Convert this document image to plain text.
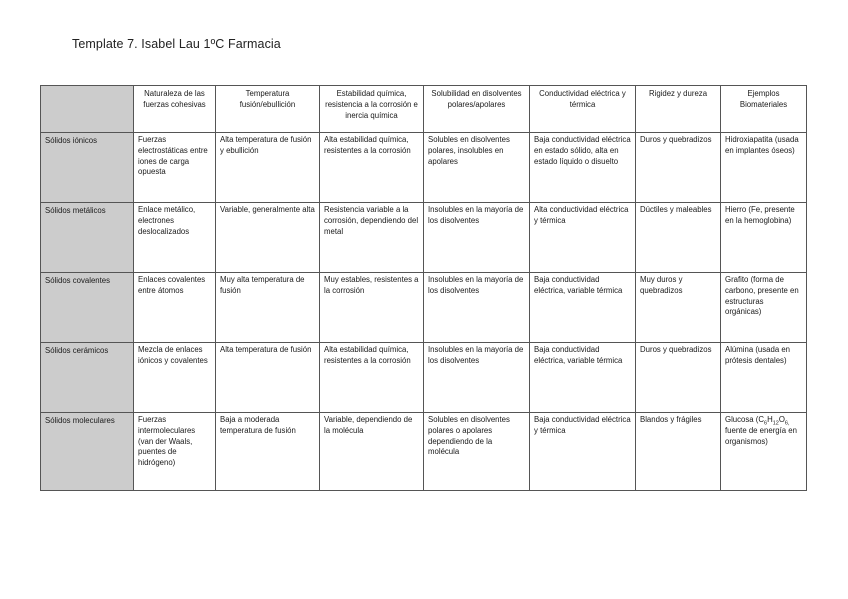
Template 7. Isabel Lau 1ºC Farmacia
	Naturaleza de las fuerzas cohesivas	Temperatura fusión/ebullición	Estabilidad química, resistencia a la corrosión e inercia química	Solubilidad en disolventes polares/apolares	Conductividad eléctrica y térmica	Rigidez y dureza	Ejemplos Biomateriales
Sólidos iónicos	Fuerzas electrostáticas entre iones de carga opuesta	Alta temperatura de fusión y ebullición	Alta estabilidad química, resistentes a la corrosión	Solubles en disolventes polares, insolubles en apolares	Baja conductividad eléctrica en estado sólido, alta en estado líquido o disuelto	Duros y quebradizos	Hidroxiapatita (usada en implantes óseos)
Sólidos metálicos	Enlace metálico, electrones deslocalizados	Variable, generalmente alta	Resistencia variable a la corrosión, dependiendo del metal	Insolubles en la mayoría de los disolventes	Alta conductividad eléctrica y térmica	Dúctiles y maleables	Hierro (Fe, presente en la hemoglobina)
Sólidos covalentes	Enlaces covalentes entre átomos	Muy alta temperatura de fusión	Muy estables, resistentes a la corrosión	Insolubles en la mayoría de los disolventes	Baja conductividad eléctrica, variable térmica	Muy duros y quebradizos	Grafito (forma de carbono, presente en estructuras orgánicas)
Sólidos cerámicos	Mezcla de enlaces iónicos y covalentes	Alta temperatura de fusión	Alta estabilidad química, resistentes a la corrosión	Insolubles en la mayoría de los disolventes	Baja conductividad eléctrica, variable térmica	Duros y quebradizos	Alúmina (usada en prótesis dentales)
Sólidos moleculares	Fuerzas intermoleculares (van der Waals, puentes de hidrógeno)	Baja a moderada temperatura de fusión	Variable, dependiendo de la molécula	Solubles en disolventes polares o apolares dependiendo de la molécula	Baja conductividad eléctrica y térmica	Blandos y frágiles	Glucosa ($C_6H_{12}O_{6,}$ fuente de energía en organismos)
